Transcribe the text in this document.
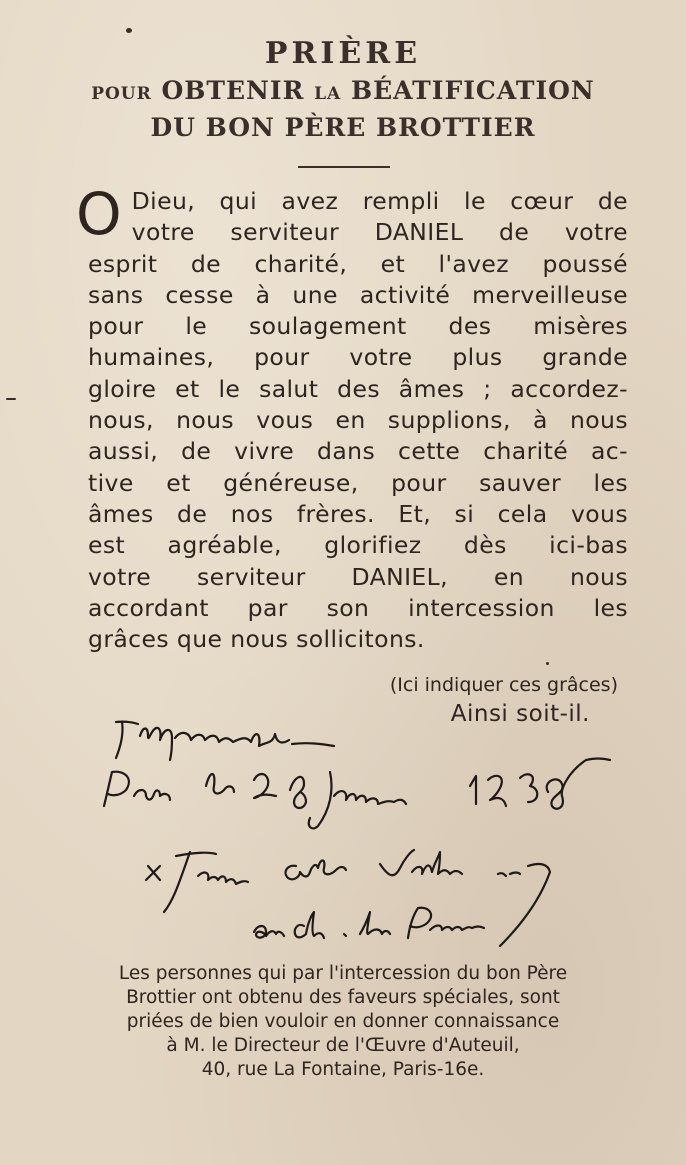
PRIÈRE
POUR OBTENIR LA BÉATIFICATION
DU BON PÈRE BROTTIER
O Dieu, qui avez rempli le cœur de
votre serviteur DANIEL de votre
esprit de charité, et l'avez poussé
sans cesse à une activité merveilleuse
pour le soulagement des misères
humaines, pour votre plus grande
gloire et le salut des âmes ; accordez-
nous, nous vous en supplions, à nous
aussi, de vivre dans cette charité ac-
tive et généreuse, pour sauver les
âmes de nos frères. Et, si cela vous
est agréable, glorifiez dès ici-bas
votre serviteur DANIEL, en nous
accordant par son intercession les
grâces que nous sollicitons.
(Ici indiquer ces grâces)
Ainsi soit-il.
Les personnes qui par l'intercession du bon Père
Brottier ont obtenu des faveurs spéciales, sont
priées de bien vouloir en donner connaissance
à M. le Directeur de l'Œuvre d'Auteuil,
40, rue La Fontaine, Paris-16e.
